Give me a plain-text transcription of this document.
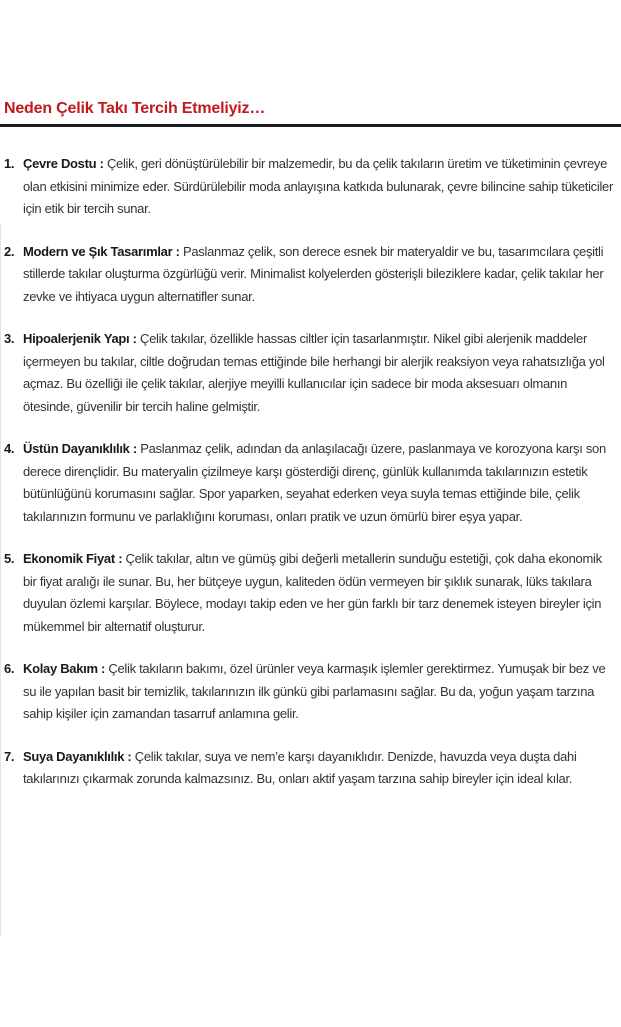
Neden Çelik Takı Tercih Etmeliyiz…
1. Çevre Dostu : Çelik, geri dönüştürülebilir bir malzemedir, bu da çelik takıların üretim ve tüketiminin çevreye olan etkisini minimize eder. Sürdürülebilir moda anlayışına katkıda bulunarak, çevre bilincine sahip tüketiciler için etik bir tercih sunar.
2. Modern ve Şık Tasarımlar : Paslanmaz çelik, son derece esnek bir materyaldir ve bu, tasarımcılara çeşitli stillerde takılar oluşturma özgürlüğü verir. Minimalist kolyelerden gösterişli bileziklere kadar, çelik takılar her zevke ve ihtiyaca uygun alternatifler sunar.
3. Hipoalerjenik Yapı : Çelik takılar, özellikle hassas ciltler için tasarlanmıştır. Nikel gibi alerjenik maddeler içermeyen bu takılar, ciltle doğrudan temas ettiğinde bile herhangi bir alerjik reaksiyon veya rahatsızlığa yol açmaz. Bu özelliği ile çelik takılar, alerjiye meyilli kullanıcılar için sadece bir moda aksesuarı olmanın ötesinde, güvenilir bir tercih haline gelmiştir.
4. Üstün Dayanıklılık : Paslanmaz çelik, adından da anlaşılacağı üzere, paslanmaya ve korozyona karşı son derece dirençlidir. Bu materyalin çizilmeye karşı gösterdiği direnç, günlük kullanımda takılarınızın estetik bütünlüğünü korumasını sağlar. Spor yaparken, seyahat ederken veya suyla temas ettiğinde bile, çelik takılarınızın formunu ve parlaklığını koruması, onları pratik ve uzun ömürlü birer eşya yapar.
5. Ekonomik Fiyat : Çelik takılar, altın ve gümüş gibi değerli metallerin sunduğu estetiği, çok daha ekonomik bir fiyat aralığı ile sunar. Bu, her bütçeye uygun, kaliteden ödün vermeyen bir şıklık sunarak, lüks takılara duyulan özlemi karşılar. Böylece, modayı takip eden ve her gün farklı bir tarz denemek isteyen bireyler için mükemmel bir alternatif oluşturur.
6. Kolay Bakım : Çelik takıların bakımı, özel ürünler veya karmaşık işlemler gerektirmez. Yumuşak bir bez ve su ile yapılan basit bir temizlik, takılarınızın ilk günkü gibi parlamasını sağlar. Bu da, yoğun yaşam tarzına sahip kişiler için zamandan tasarruf anlamına gelir.
7. Suya Dayanıklılık : Çelik takılar, suya ve nem’e karşı dayanıklıdır. Denizde, havuzda veya duşta dahi takılarınızı çıkarmak zorunda kalmazsınız. Bu, onları aktif yaşam tarzına sahip bireyler için ideal kılar.
